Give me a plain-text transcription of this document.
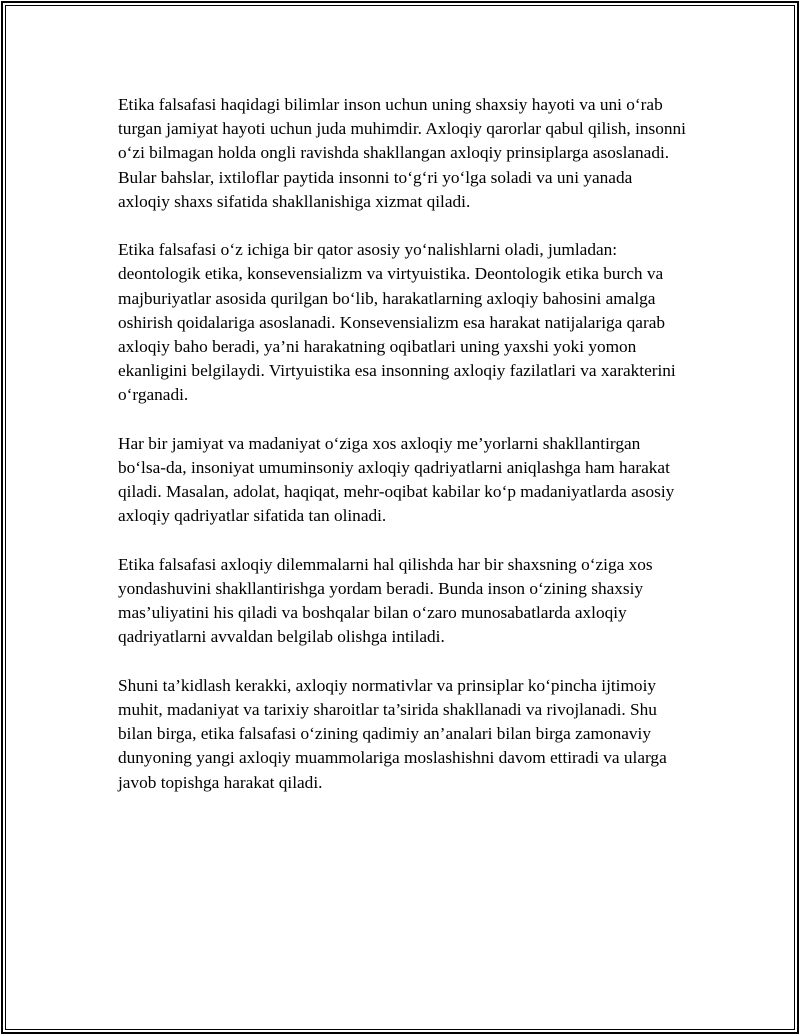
Etika falsafasi haqidagi bilimlar inson uchun uning shaxsiy hayoti va uni o‘rab turgan jamiyat hayoti uchun juda muhimdir. Axloqiy qarorlar qabul qilish, insonni o‘zi bilmagan holda ongli ravishda shakllangan axloqiy prinsiplarga asoslanadi. Bular bahslar, ixtiloflar paytida insonni to‘g‘ri yo‘lga soladi va uni yanada axloqiy shaxs sifatida shakllanishiga xizmat qiladi.

Etika falsafasi o‘z ichiga bir qator asosiy yo‘nalishlarni oladi, jumladan: deontologik etika, konsevensializm va virtyuistika. Deontologik etika burch va majburiyatlar asosida qurilgan bo‘lib, harakatlarning axloqiy bahosini amalga oshirish qoidalariga asoslanadi. Konsevensializm esa harakat natijalariga qarab axloqiy baho beradi, ya’ni harakatning oqibatlari uning yaxshi yoki yomon ekanligini belgilaydi. Virtyuistika esa insonning axloqiy fazilatlari va xarakterini o‘rganadi.

Har bir jamiyat va madaniyat o‘ziga xos axloqiy me’yorlarni shakllantirgan bo‘lsa-da, insoniyat umuminsoniy axloqiy qadriyatlarni aniqlashga ham harakat qiladi. Masalan, adolat, haqiqat, mehr-oqibat kabilar ko‘p madaniyatlarda asosiy axloqiy qadriyatlar sifatida tan olinadi.

Etika falsafasi axloqiy dilemmalarni hal qilishda har bir shaxsning o‘ziga xos yondashuvini shakllantirishga yordam beradi. Bunda inson o‘zining shaxsiy mas’uliyatini his qiladi va boshqalar bilan o‘zaro munosabatlarda axloqiy qadriyatlarni avvaldan belgilab olishga intiladi.

Shuni ta’kidlash kerakki, axloqiy normativlar va prinsiplar ko‘pincha ijtimoiy muhit, madaniyat va tarixiy sharoitlar ta’sirida shakllanadi va rivojlanadi. Shu bilan birga, etika falsafasi o‘zining qadimiy an’analari bilan birga zamonaviy dunyoning yangi axloqiy muammolariga moslashishni davom ettiradi va ularga javob topishga harakat qiladi.
